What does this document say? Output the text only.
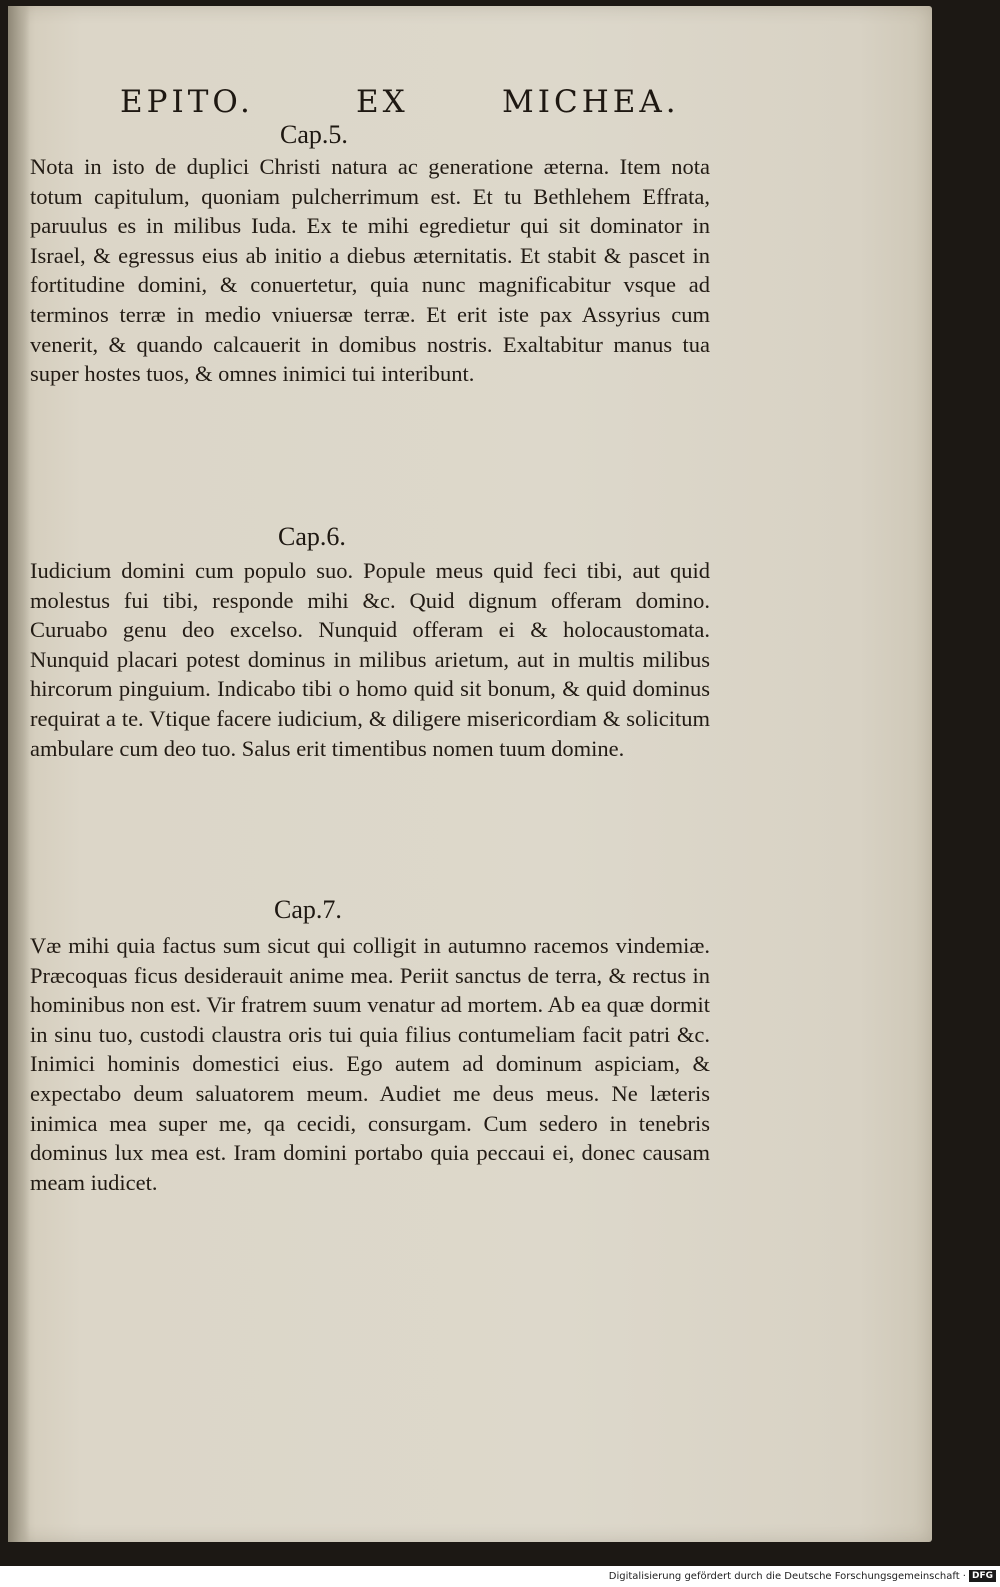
EPITO.	EX	MICHEA.
Cap.5.

Nota in isto de duplici Christi natura ac generatione æterna. Item nota totum capitulum, quoniam pulcherrimum est. Et tu Bethlehem Effrata, paruulus es in milibus Iuda. Ex te mihi egredietur qui sit dominator in Israel, & egressus eius ab initio a diebus æternitatis. Et stabit & pascet in fortitudine domini, & conuertetur, quia nunc magnificabitur vsque ad terminos terræ in medio vniuersæ terræ. Et erit iste pax Assyrius cum venerit, & quando calcauerit in domibus nostris. Exaltabitur manus tua super hostes tuos, & omnes inimici tui interibunt.

Cap.6.

Iudicium domini cum populo suo. Popule meus quid feci tibi, aut quid molestus fui tibi, responde mihi &c. Quid dignum offeram domino. Curuabo genu deo excelso. Nunquid offeram ei & holocaustomata. Nunquid placari potest dominus in milibus arietum, aut in multis milibus hircorum pinguium. Indicabo tibi o homo quid sit bonum, & quid dominus requirat a te. Vtique facere iudicium, & diligere misericordiam & solicitum ambulare cum deo tuo. Salus erit timentibus nomen tuum domine.

Cap.7.

Væ mihi quia factus sum sicut qui colligit in autumno racemos vindemiæ. Præcoquas ficus desiderauit anime mea. Periit sanctus de terra, & rectus in hominibus non est. Vir fratrem suum venatur ad mortem. Ab ea quæ dormit in sinu tuo, custodi claustra oris tui quia filius contumeliam facit patri &c. Inimici hominis domestici eius. Ego autem ad dominum aspiciam, & expectabo deum saluatorem meum. Audiet me deus meus. Ne læteris inimica mea super me, qa cecidi, consurgam. Cum sedero in tenebris dominus lux mea est. Iram domini portabo quia peccaui ei, donec causam meam iudicet.

Digitalisierung gefördert durch die Deutsche Forschungsgemeinschaft · DFG
